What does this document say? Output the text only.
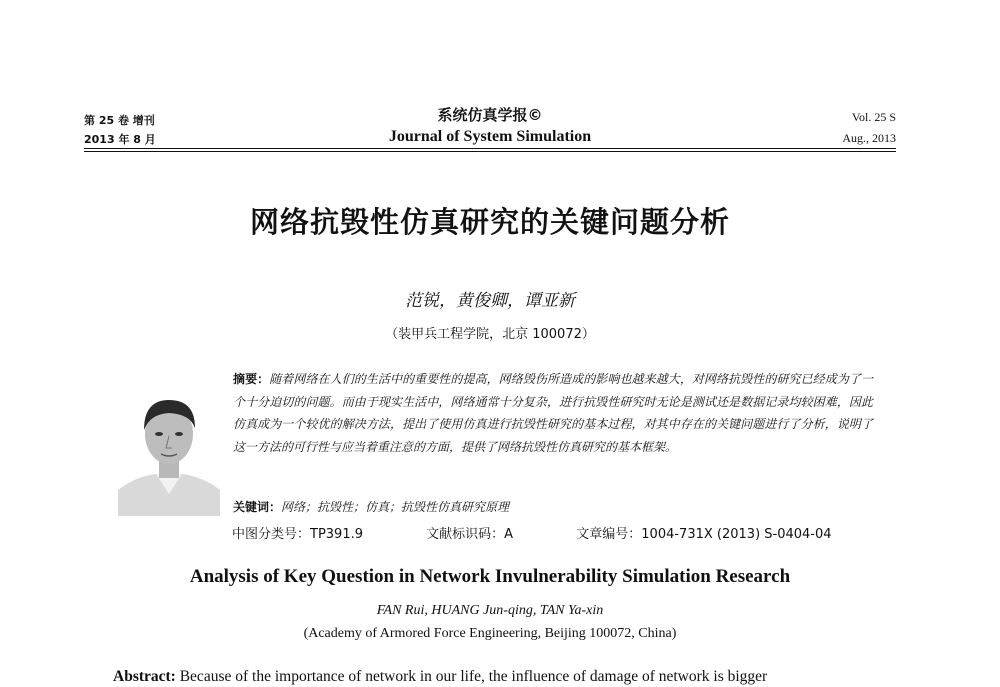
第 25 卷 增刊
2013 年 8 月
系统仿真学报©
Journal of System Simulation
Vol. 25 S
Aug., 2013
网络抗毁性仿真研究的关键问题分析
范锐，黄俊卿，谭亚新
（装甲兵工程学院，北京 100072）
摘要：随着网络在人们的生活中的重要性的提高，网络毁伤所造成的影响也越来越大，对网络抗毁性的研究已经成为了一个十分迫切的问题。而由于现实生活中，网络通常十分复杂，进行抗毁性研究时无论是测试还是数据记录均较困难，因此仿真成为一个较优的解决方法，提出了使用仿真进行抗毁性研究的基本过程，对其中存在的关键问题进行了分析，说明了这一方法的可行性与应当着重注意的方面，提供了网络抗毁性仿真研究的基本框架。
关键词：网络；抗毁性；仿真；抗毁性仿真研究原理
中图分类号：TP391.9	文献标识码：A	文章编号：1004-731X (2013) S-0404-04
Analysis of Key Question in Network Invulnerability Simulation Research
FAN Rui, HUANG Jun-qing, TAN Ya-xin
(Academy of Armored Force Engineering, Beijing 100072, China)
Abstract: Because of the importance of network in our life, the influence of damage of network is bigger
